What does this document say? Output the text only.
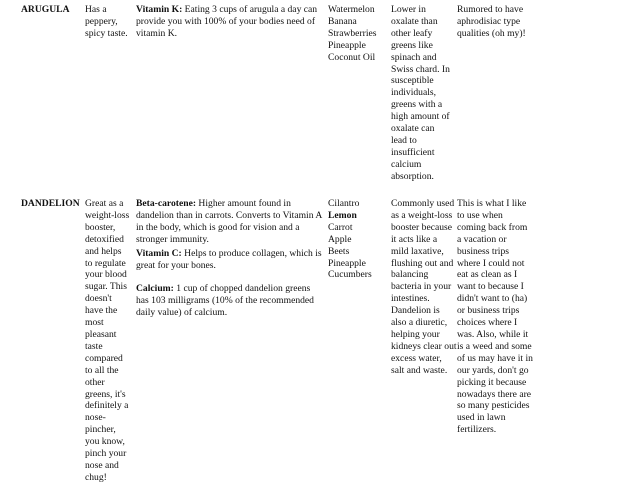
ARUGULA	Has a peppery, spicy taste.
Vitamin K: Eating 3 cups of arugula a day can provide you with 100% of your bodies need of vitamin K.
Watermelon
Banana
Strawberries
Pineapple
Coconut Oil
Lower in oxalate than other leafy greens like spinach and Swiss chard. In susceptible individuals, greens with a high amount of oxalate can lead to insufficient calcium absorption.
Rumored to have aphrodisiac type qualities (oh my)!
DANDELION Great as a weight-loss booster, detoxified and helps to regulate your blood sugar. This doesn't have the most pleasant taste compared to all the other greens, it's definitely a nose-pincher, you know, pinch your nose and chug!
Beta-carotene: Higher amount found in dandelion than in carrots. Converts to Vitamin A in the body, which is good for vision and a stronger immunity.
Vitamin C: Helps to produce collagen, which is great for your bones.
Calcium: 1 cup of chopped dandelion greens has 103 milligrams (10% of the recommended daily value) of calcium.
Cilantro
Lemon
Carrot
Apple
Beets
Pineapple
Cucumbers
Commonly used as a weight-loss booster because it acts like a mild laxative, flushing out and balancing bacteria in your intestines. Dandelion is also a diuretic, helping your kidneys clear out excess water, salt and waste.
This is what I like to use when coming back from a vacation or business trips where I could not eat as clean as I want to because I didn't want to (ha) or business trips choices where I was. Also, while it is a weed and some of us may have it in our yards, don't go picking it because nowadays there are so many pesticides used in lawn fertilizers.
